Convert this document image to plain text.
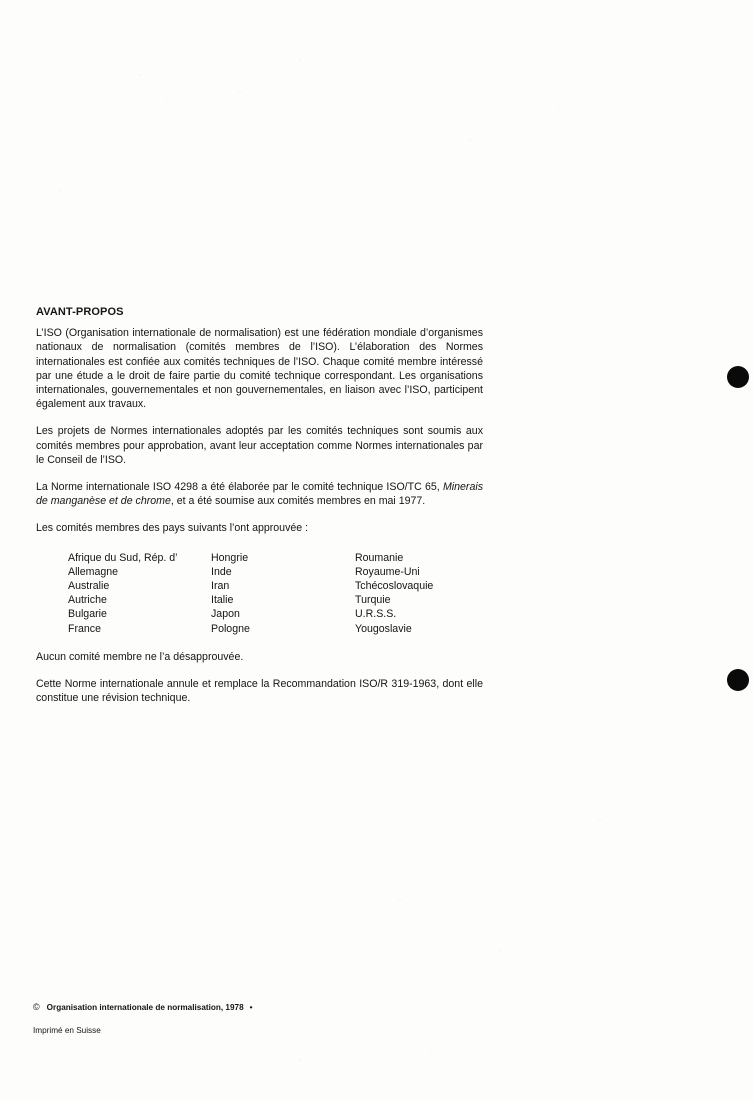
AVANT-PROPOS

L’ISO (Organisation internationale de normalisation) est une fédération mondiale d’organismes nationaux de normalisation (comités membres de l’ISO). L’élaboration des Normes internationales est confiée aux comités techniques de l’ISO. Chaque comité membre intéressé par une étude a le droit de faire partie du comité technique correspondant. Les organisations internationales, gouvernementales et non gouvernementales, en liaison avec l’ISO, participent également aux travaux.

Les projets de Normes internationales adoptés par les comités techniques sont soumis aux comités membres pour approbation, avant leur acceptation comme Normes internationales par le Conseil de l’ISO.

La Norme internationale ISO 4298 a été élaborée par le comité technique ISO/TC 65, Minerais de manganèse et de chrome, et a été soumise aux comités membres en mai 1977.

Les comités membres des pays suivants l’ont approuvée :

Afrique du Sud, Rép. d’
Allemagne
Australie
Autriche
Bulgarie
France
Hongrie
Inde
Iran
Italie
Japon
Pologne
Roumanie
Royaume-Uni
Tchécoslovaquie
Turquie
U.R.S.S.
Yougoslavie

Aucun comité membre ne l’a désapprouvée.

Cette Norme internationale annule et remplace la Recommandation ISO/R 319-1963, dont elle constitue une révision technique.

© Organisation internationale de normalisation, 1978 •
Imprimé en Suisse
